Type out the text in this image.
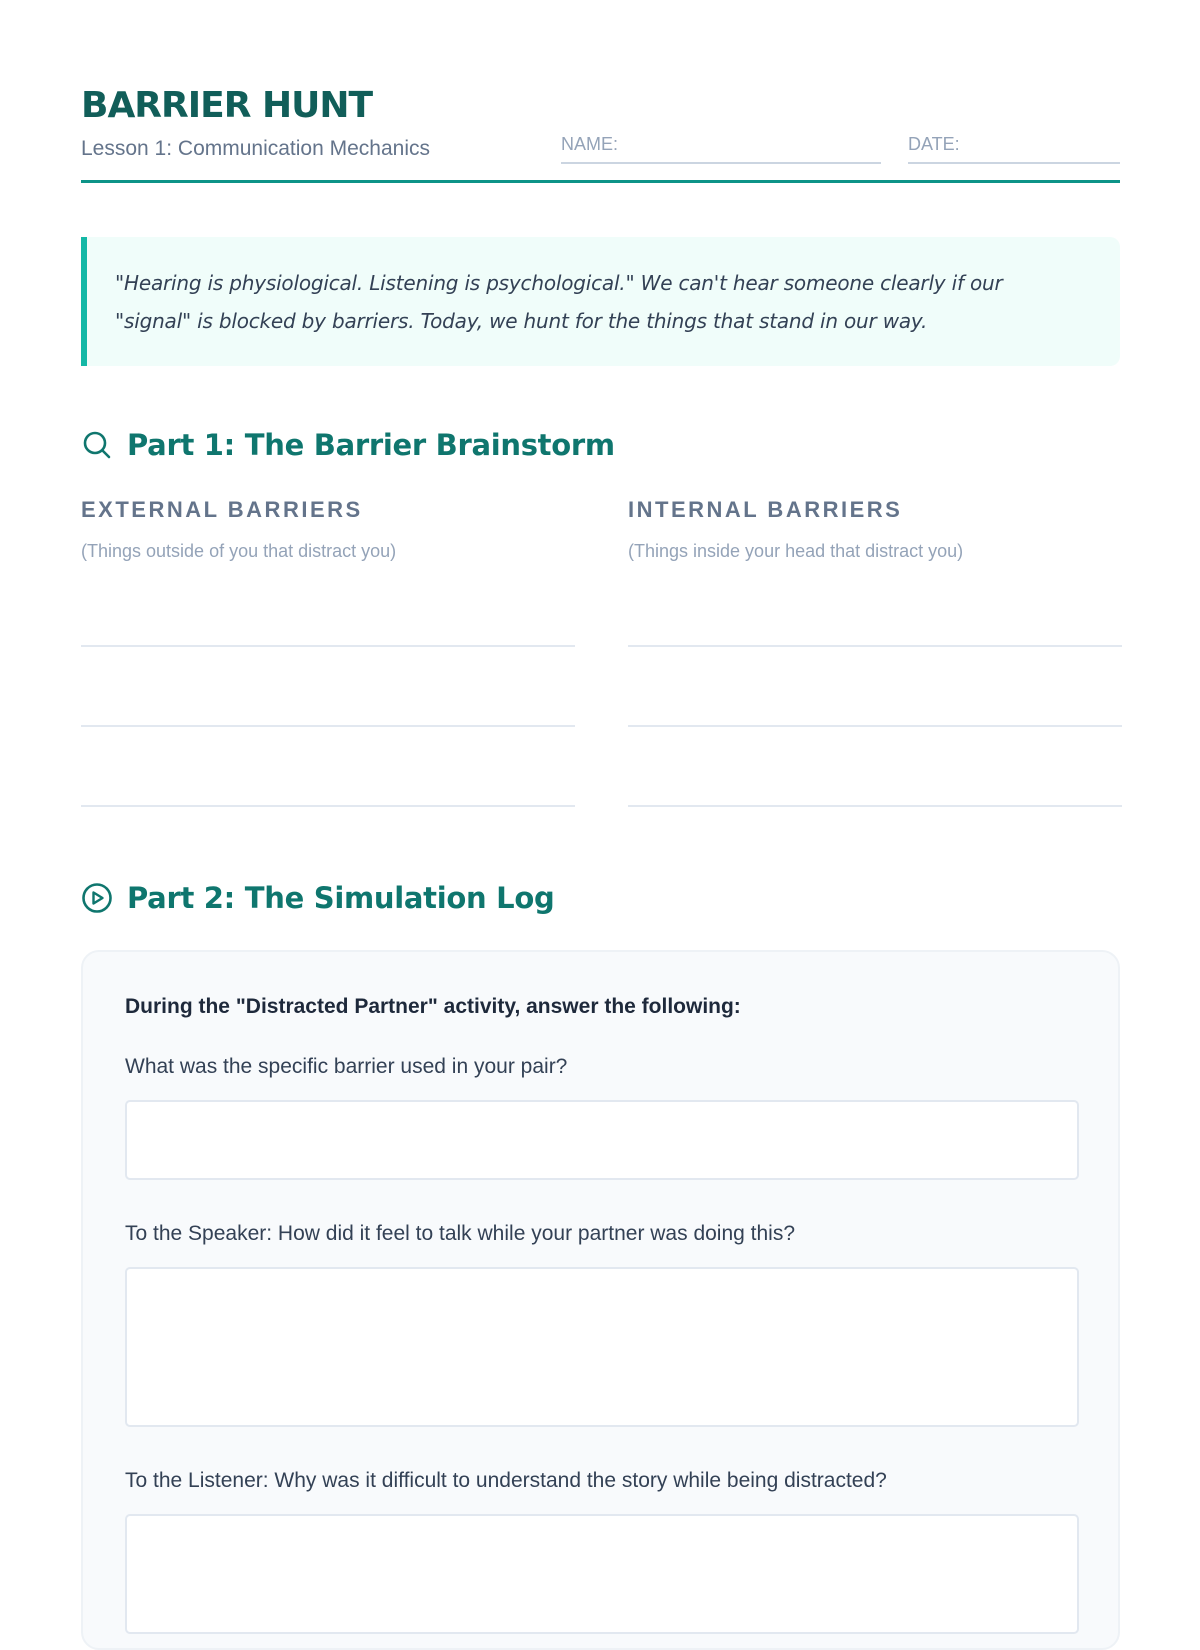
BARRIER HUNT
Lesson 1: Communication Mechanics	NAME:	DATE:
"Hearing is physiological. Listening is psychological." We can't hear someone clearly if our "signal" is blocked by barriers. Today, we hunt for the things that stand in our way.
Part 1: The Barrier Brainstorm
EXTERNAL BARRIERS
(Things outside of you that distract you)
INTERNAL BARRIERS
(Things inside your head that distract you)
Part 2: The Simulation Log
During the "Distracted Partner" activity, answer the following:
What was the specific barrier used in your pair?
To the Speaker: How did it feel to talk while your partner was doing this?
To the Listener: Why was it difficult to understand the story while being distracted?
